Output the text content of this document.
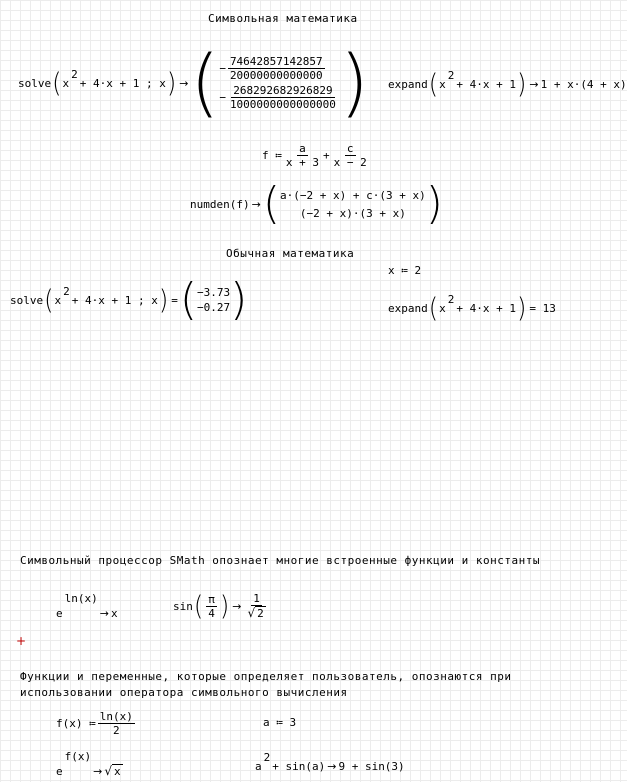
Символьная математика
solve ( x
2
+ 4·x + 1 ; x ) → ( − $\frac{74642857142857}{20000000000000}$
− $\frac{268292682926829}{1000000000000000}$ ) expand ( x
2
+ 4·x + 1 ) → 1 + x·(4 + x)
f ≔ $\frac{a}{x + 3} + \frac{c}{x - 2}$
numden(f) → ( a·(−2 + x) + c·(3 + x)
(−2 + x)·(3 + x) )
Обычная математика
x ≔ 2
solve ( x
2
+ 4·x + 1 ; x ) = ( −3.73
−0.27 )	expand ( x
2
+ 4·x + 1 ) = 13
Символьный процессор SMath опознает многие встроенные функции и константы
e
ln(x)
→ x
sin ( $\frac{\pi}{4}$ ) → $\frac{1}{√ 2}$
+
Функции и переменные, которые определяет пользователь, опознаются при
использовании оператора символьного вычисления
f(x) ≔ $\frac{\ln(x)}{2}$	a ≔ 3
e
f(x)
→ √ x	a
2
+ sin(a) → 9 + sin(3)
